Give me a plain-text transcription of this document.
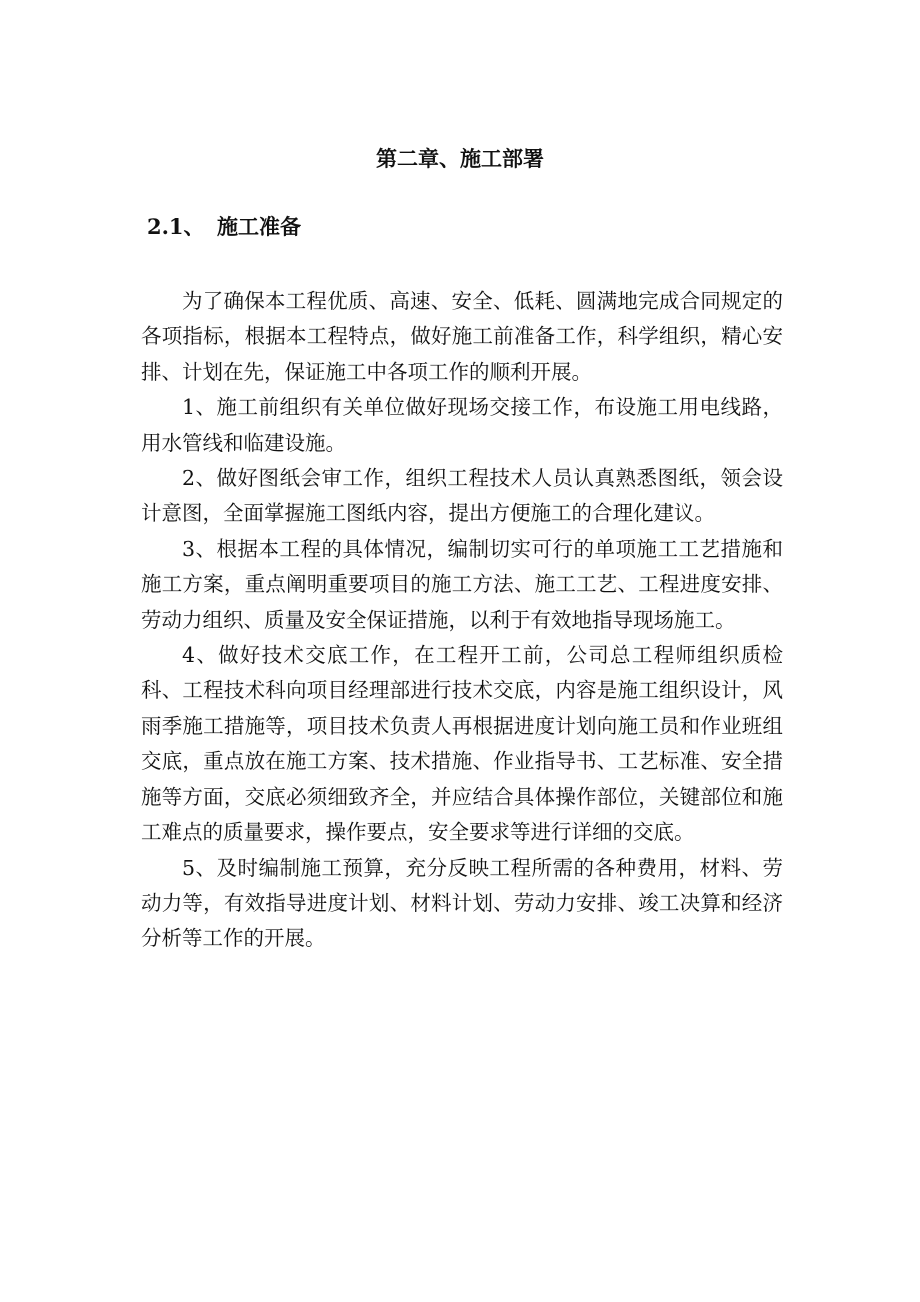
第二章、施工部署
2.1、 施工准备

为了确保本工程优质、高速、安全、低耗、圆满地完成合同规定的各项指标，根据本工程特点，做好施工前准备工作，科学组织，精心安排、计划在先，保证施工中各项工作的顺利开展。

1、施工前组织有关单位做好现场交接工作，布设施工用电线路，用水管线和临建设施。

2、做好图纸会审工作，组织工程技术人员认真熟悉图纸，领会设计意图，全面掌握施工图纸内容，提出方便施工的合理化建议。

3、根据本工程的具体情况，编制切实可行的单项施工工艺措施和施工方案，重点阐明重要项目的施工方法、施工工艺、工程进度安排、劳动力组织、质量及安全保证措施，以利于有效地指导现场施工。

4、做好技术交底工作，在工程开工前，公司总工程师组织质检科、工程技术科向项目经理部进行技术交底，内容是施工组织设计，风雨季施工措施等，项目技术负责人再根据进度计划向施工员和作业班组交底，重点放在施工方案、技术措施、作业指导书、工艺标准、安全措施等方面，交底必须细致齐全，并应结合具体操作部位，关键部位和施工难点的质量要求，操作要点，安全要求等进行详细的交底。

5、及时编制施工预算，充分反映工程所需的各种费用，材料、劳动力等，有效指导进度计划、材料计划、劳动力安排、竣工决算和经济分析等工作的开展。
